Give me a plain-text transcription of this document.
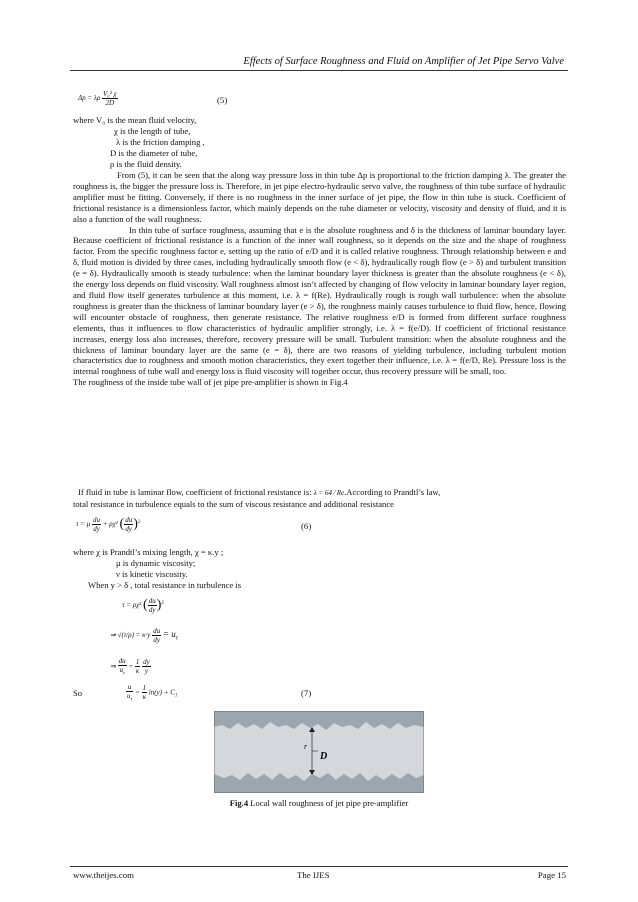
Effects of Surface Roughness and Fluid on Amplifier of Jet Pipe Servo Valve
Δp = λρ $\frac{\text{V₀² χ}}{2D}$	(5)
where V₀ is the mean fluid velocity,
χ is the length of tube,
λ is the friction damping ,
D is the diameter of tube,
ρ is the fluid density.

From (5), it can be seen that the along way pressure loss in thin tube Δp is proportional to the friction damping λ. The greater the roughness is, the bigger the pressure loss is. Therefore, in jet pipe electro-hydraulic servo valve, the roughness of thin tube surface of hydraulic amplifier must be fitting. Conversely, if there is no roughness in the inner surface of jet pipe, the flow in thin tube is stuck. Coefficient of frictional resistance is a dimensionless factor, which mainly depends on the tube diameter or velocity, viscosity and density of fluid, and it is also a function of the wall roughness.

In thin tube of surface roughness, assuming that e is the absolute roughness and δ is the thickness of laminar boundary layer. Because coefficient of frictional resistance is a function of the inner wall roughness, so it depends on the size and the shape of roughness factor. From the specific roughness factor e, setting up the ratio of e/D and it is called relative roughness. Through relationship between e and δ, fluid motion is divided by three cases, including hydraulically smooth flow (e < δ), hydraulically rough flow (e > δ) and turbulent transition (e = δ). Hydraulically smooth is steady turbulence: when the laminar boundary layer thickness is greater than the absolute roughness (e < δ), the energy loss depends on fluid viscosity. Wall roughness almost isn’t affected by changing of flow velocity in laminar boundary layer region, and fluid flow itself generates turbulence at this moment, i.e. λ = f(Re). Hydraulically rough is rough wall turbulence: when the absolute roughness is greater than the thickness of laminar boundary layer (e > δ), the roughness mainly causes turbulence to fluid flow, hence, flowing will encounter obstacle of roughness, then generate resistance. The relative roughness e/D is formed from different surface roughness elements, thus it influences to flow characteristics of hydraulic amplifier strongly, i.e. λ = f(e/D). If coefficient of frictional resistance increases, energy loss also increases, therefore, recovery pressure will be small. Turbulent transition: when the absolute roughness and the thickness of laminar boundary layer are the same (e = δ), there are two reasons of yielding turbulence, including turbulent motion characteristics due to roughness and smooth motion characteristics, they exert together their influence, i.e. λ = f(e/D, Re). Pressure loss is the internal roughness of tube wall and energy loss is fluid viscosity will together occur, thus recovery pressure will be small, too.

The roughness of the inside tube wall of jet pipe pre-amplifier is shown in Fig.4

If fluid in tube is laminar flow, coefficient of frictional resistance is: λ = 64 ⁄ Re.According to Prandtl’s law,
total resistance in turbulence equals to the sum of viscous resistance and additional resistance
τ = μ $\frac{du}{dy} + \rho\chi^2$ ( $\frac{du}{dy} )^2$	(6)
where χ is Prandtl’s mixing length, χ = κ.y ;
μ is dynamic viscosity;
ν is kinetic viscosity.
When y > δ , total resistance in turbulence is
τ = ρχ² ( $\frac{du}{dy} )^2$
⇒ $√(\tau/\rho) = \kappa\cdot y \frac{du}{dy} = u_\tau$
⇒ $\frac{du}{u_\tau} = \frac{1}{\kappa}$
$\frac{dy}{y}$
So	$\frac{u}{u_\tau} = \frac{1}{\kappa} \ln(y) + C_1$	(7)
r
D
Fig.4 Local wall roughness of jet pipe pre-amplifier
www.theijes.com	The IJES	Page 15
